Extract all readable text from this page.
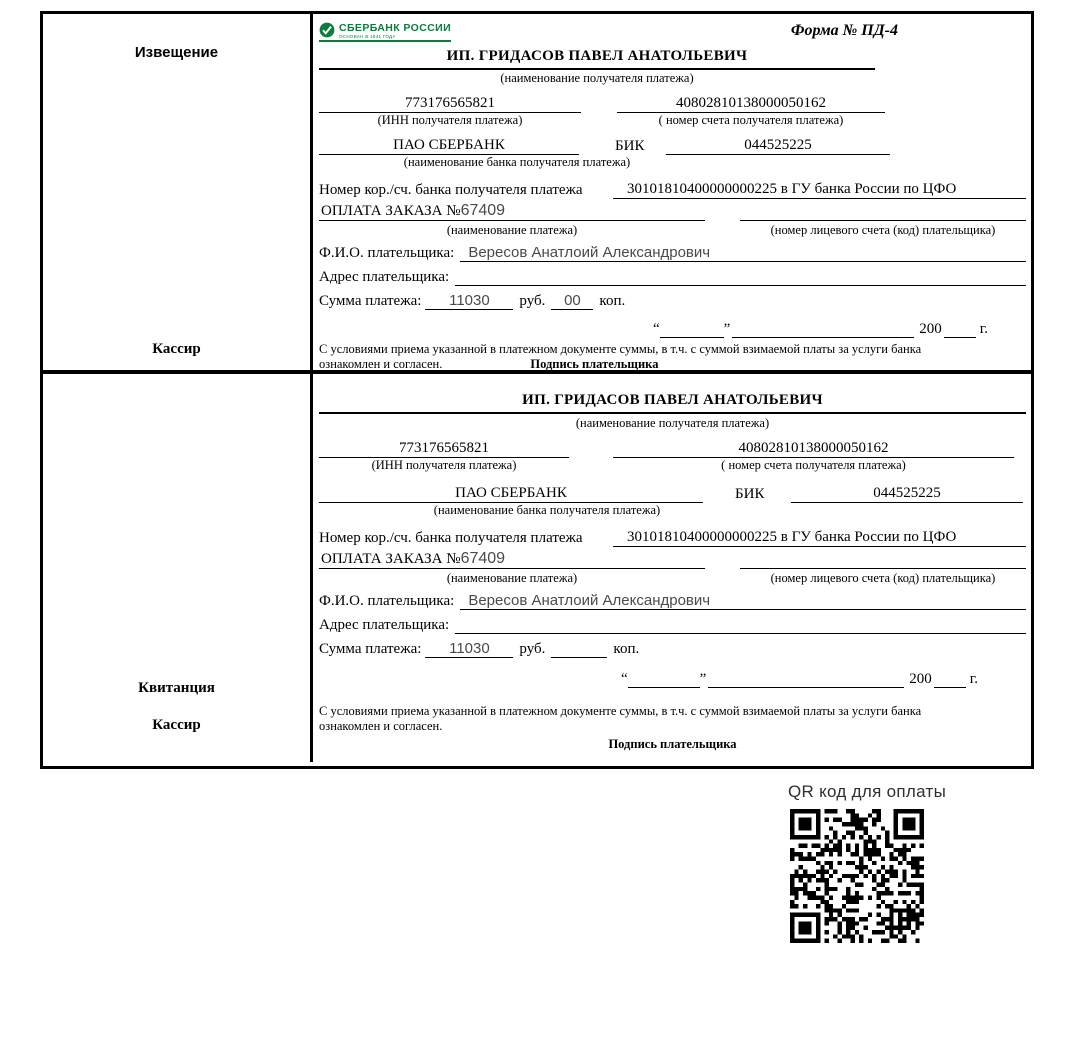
Извещение
Кассир
СБЕРБАНК РОССИИ
ОСНОВАН В 1841 ГОДУ	Форма № ПД-4
ИП. ГРИДАСОВ ПАВЕЛ АНАТОЛЬЕВИЧ
(наименование получателя платежа)
773176565821	40802810138000050162
(ИНН получателя платежа)	( номер счета получателя платежа)
ПАО СБЕРБАНК	БИК	044525225
(наименование банка получателя платежа)
Номер кор./сч. банка получателя платежа	30101810400000000225 в ГУ банка России по ЦФО
ОПЛАТА ЗАКАЗА №67409
(наименование платежа)	(номер лицевого счета (код) плательщика)
Ф.И.О. плательщика: Вересов Анатлоий Александрович
Адрес плательщика:
Сумма платежа:	11030	руб.	00	коп.
“	”	200	г.
С условиями приема указанной в платежном документе суммы, в т.ч. с суммой взимаемой платы за услуги банка
ознакомлен и согласен.	Подпись плательщика
Квитанция
Кассир
ИП. ГРИДАСОВ ПАВЕЛ АНАТОЛЬЕВИЧ
(наименование получателя платежа)
773176565821	40802810138000050162
(ИНН получателя платежа)	( номер счета получателя платежа)
ПАО СБЕРБАНК	БИК	044525225
(наименование банка получателя платежа)
Номер кор./сч. банка получателя платежа	30101810400000000225 в ГУ банка России по ЦФО
ОПЛАТА ЗАКАЗА №67409
(наименование платежа)	(номер лицевого счета (код) плательщика)
Ф.И.О. плательщика: Вересов Анатлоий Александрович
Адрес плательщика:
Сумма платежа:	11030	руб.	коп.
“	”	200	г.
С условиями приема указанной в платежном документе суммы, в т.ч. с суммой взимаемой платы за услуги банка
ознакомлен и согласен.
Подпись плательщика
QR код для оплаты
